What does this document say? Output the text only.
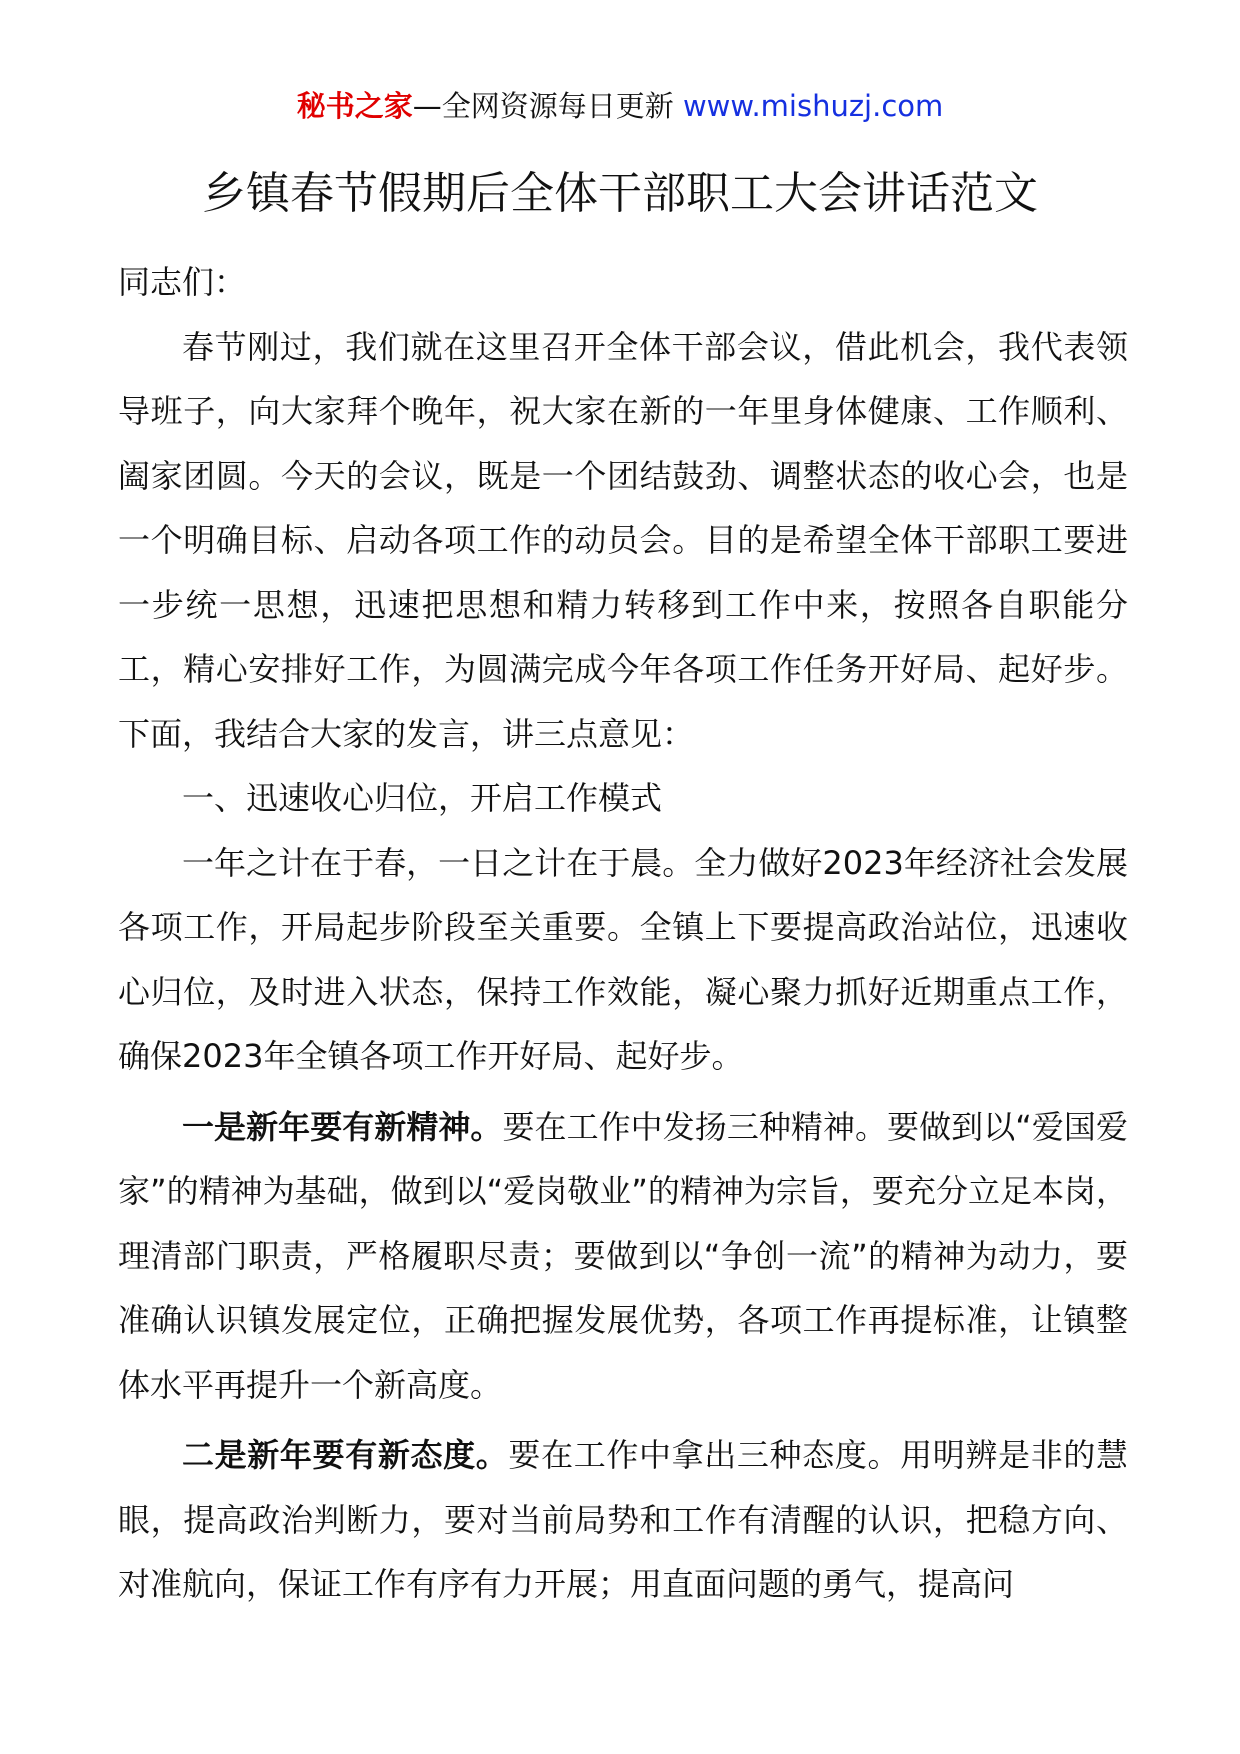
秘书之家—全网资源每日更新 www.mishuzj.com
乡镇春节假期后全体干部职工大会讲话范文

同志们：

春节刚过，我们就在这里召开全体干部会议，借此机会，我代表领导班子，向大家拜个晚年，祝大家在新的一年里身体健康、工作顺利、阖家团圆。今天的会议，既是一个团结鼓劲、调整状态的收心会，也是一个明确目标、启动各项工作的动员会。目的是希望全体干部职工要进一步统一思想，迅速把思想和精力转移到工作中来，按照各自职能分工，精心安排好工作，为圆满完成今年各项工作任务开好局、起好步。下面，我结合大家的发言，讲三点意见：

一、迅速收心归位，开启工作模式

一年之计在于春，一日之计在于晨。全力做好2023年经济社会发展各项工作，开局起步阶段至关重要。全镇上下要提高政治站位，迅速收心归位，及时进入状态，保持工作效能，凝心聚力抓好近期重点工作，确保2023年全镇各项工作开好局、起好步。

一是新年要有新精神。要在工作中发扬三种精神。要做到以“爱国爱家”的精神为基础，做到以“爱岗敬业”的精神为宗旨，要充分立足本岗，理清部门职责，严格履职尽责；要做到以“争创一流”的精神为动力，要准确认识镇发展定位，正确把握发展优势，各项工作再提标准，让镇整体水平再提升一个新高度。

二是新年要有新态度。要在工作中拿出三种态度。用明辨是非的慧眼，提高政治判断力，要对当前局势和工作有清醒的认识，把稳方向、对准航向，保证工作有序有力开展；用直面问题的勇气，提高问
